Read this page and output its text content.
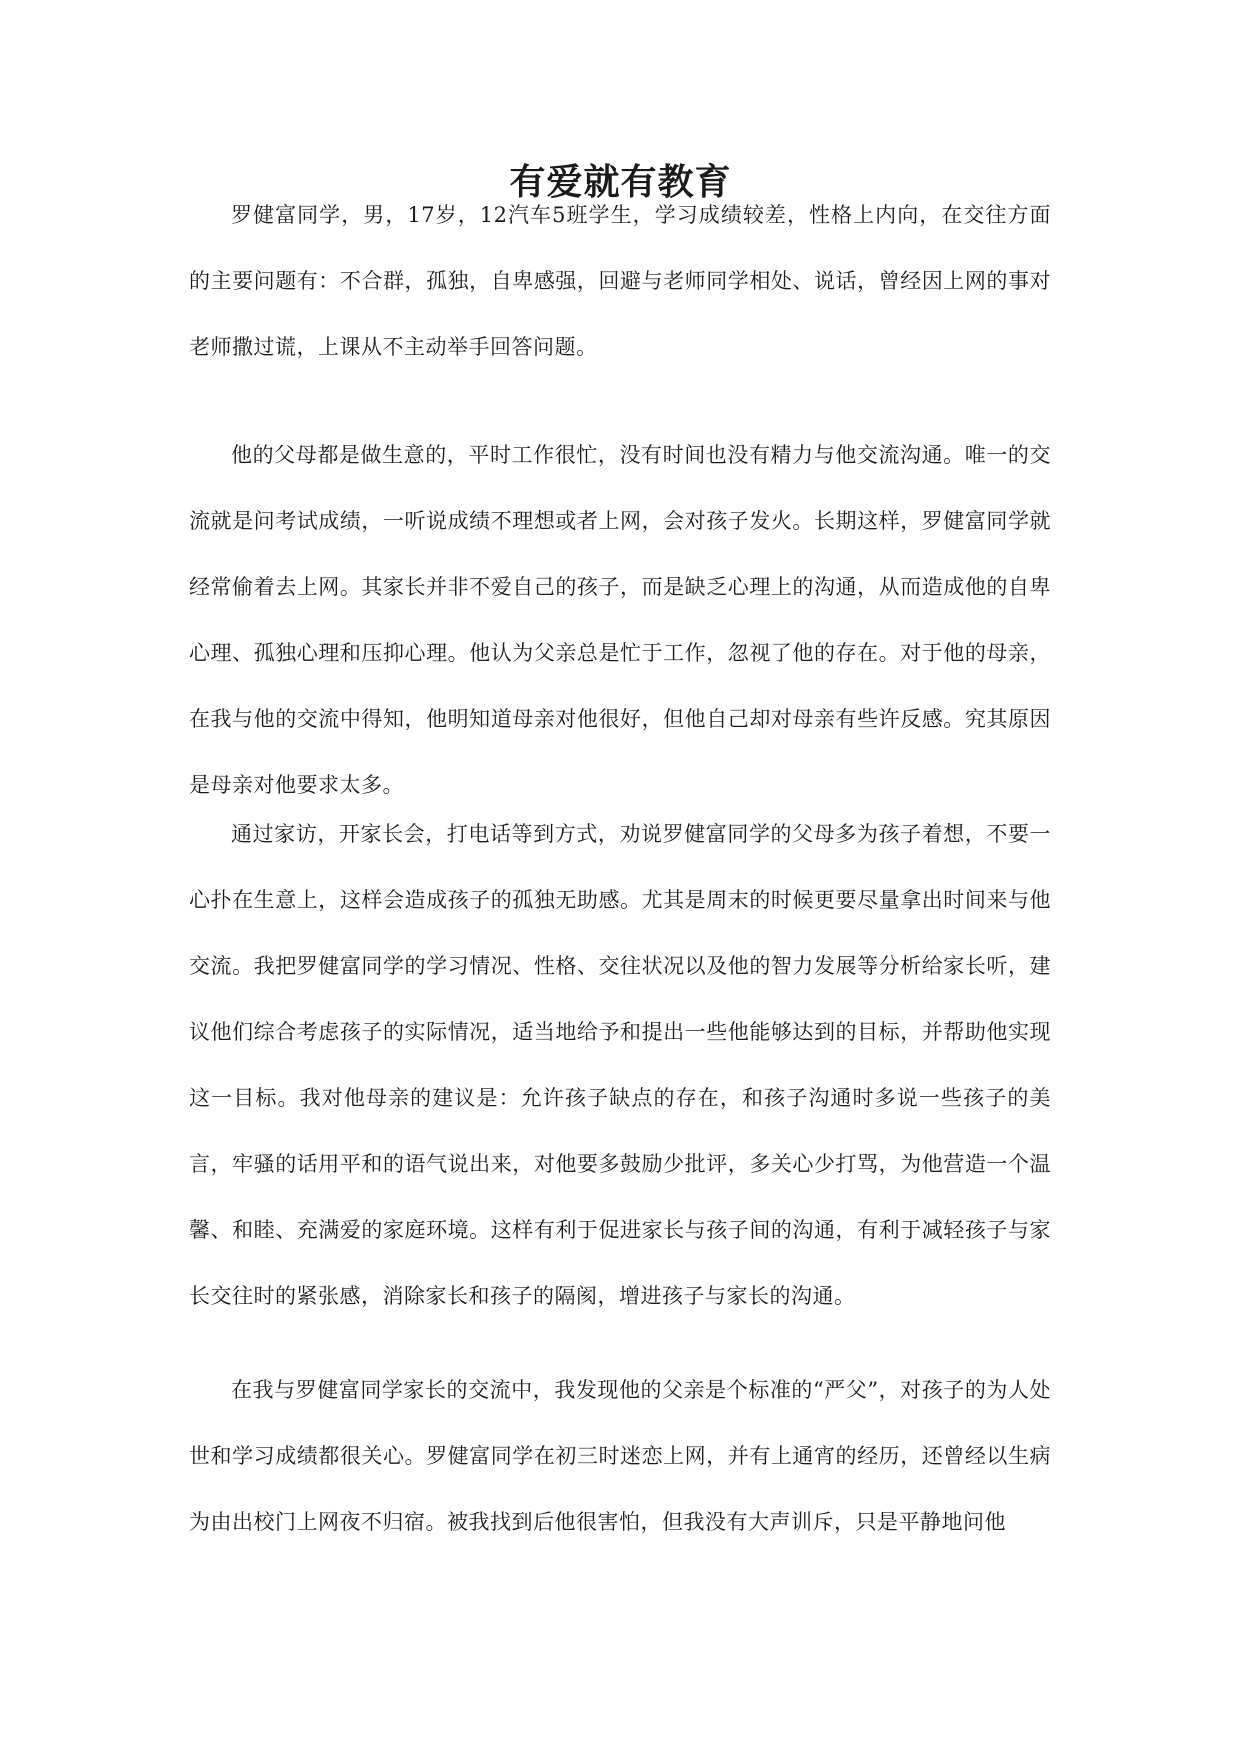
有爱就有教育

罗健富同学，男，17岁，12汽车5班学生，学习成绩较差，性格上内向，在交往方面的主要问题有：不合群，孤独，自卑感强，回避与老师同学相处、说话，曾经因上网的事对老师撒过谎，上课从不主动举手回答问题。

他的父母都是做生意的，平时工作很忙，没有时间也没有精力与他交流沟通。唯一的交流就是问考试成绩，一听说成绩不理想或者上网，会对孩子发火。长期这样，罗健富同学就经常偷着去上网。其家长并非不爱自己的孩子，而是缺乏心理上的沟通，从而造成他的自卑心理、孤独心理和压抑心理。他认为父亲总是忙于工作，忽视了他的存在。对于他的母亲，在我与他的交流中得知，他明知道母亲对他很好，但他自己却对母亲有些许反感。究其原因是母亲对他要求太多。

通过家访，开家长会，打电话等到方式，劝说罗健富同学的父母多为孩子着想，不要一心扑在生意上，这样会造成孩子的孤独无助感。尤其是周末的时候更要尽量拿出时间来与他交流。我把罗健富同学的学习情况、性格、交往状况以及他的智力发展等分析给家长听，建议他们综合考虑孩子的实际情况，适当地给予和提出一些他能够达到的目标，并帮助他实现这一目标。我对他母亲的建议是：允许孩子缺点的存在，和孩子沟通时多说一些孩子的美言，牢骚的话用平和的语气说出来，对他要多鼓励少批评，多关心少打骂，为他营造一个温馨、和睦、充满爱的家庭环境。这样有利于促进家长与孩子间的沟通，有利于减轻孩子与家长交往时的紧张感，消除家长和孩子的隔阂，增进孩子与家长的沟通。

在我与罗健富同学家长的交流中，我发现他的父亲是个标准的“严父”，对孩子的为人处世和学习成绩都很关心。罗健富同学在初三时迷恋上网，并有上通宵的经历，还曾经以生病为由出校门上网夜不归宿。被我找到后他很害怕，但我没有大声训斥，只是平静地问他
